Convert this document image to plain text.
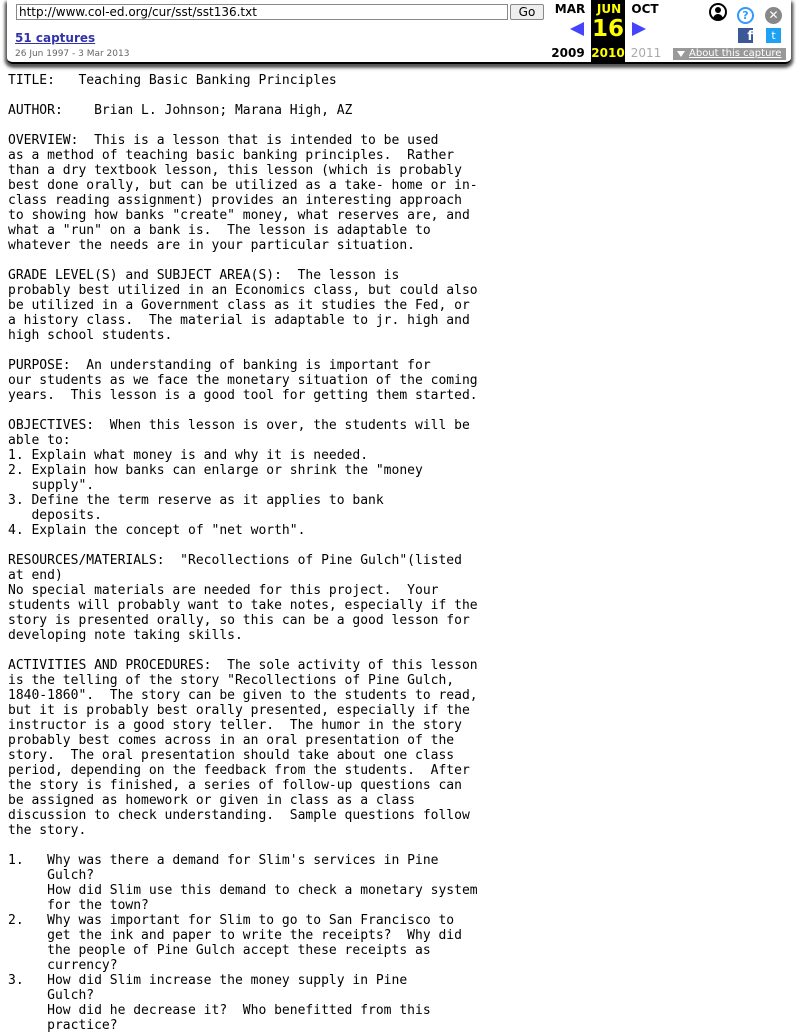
http://www.col-ed.org/cur/sst/sst136.txt
Go
51 captures
26 Jun 1997 - 3 Mar 2013
MAR JUN OCT
16
2009 2010 2011
?	✕
f	t
About this capture
TITLE:   Teaching Basic Banking Principles

AUTHOR:    Brian L. Johnson; Marana High, AZ

OVERVIEW:  This is a lesson that is intended to be used
as a method of teaching basic banking principles.  Rather
than a dry textbook lesson, this lesson (which is probably
best done orally, but can be utilized as a take- home or in-
class reading assignment) provides an interesting approach
to showing how banks "create" money, what reserves are, and
what a "run" on a bank is.  The lesson is adaptable to
whatever the needs are in your particular situation.

GRADE LEVEL(S) and SUBJECT AREA(S):  The lesson is
probably best utilized in an Economics class, but could also
be utilized in a Government class as it studies the Fed, or
a history class.  The material is adaptable to jr. high and
high school students.

PURPOSE:  An understanding of banking is important for
our students as we face the monetary situation of the coming
years.  This lesson is a good tool for getting them started.

OBJECTIVES:  When this lesson is over, the students will be
able to:
1. Explain what money is and why it is needed.
2. Explain how banks can enlarge or shrink the "money
supply".
3. Define the term reserve as it applies to bank
deposits.
4. Explain the concept of "net worth".

RESOURCES/MATERIALS:  "Recollections of Pine Gulch"(listed
at end)
No special materials are needed for this project.  Your
students will probably want to take notes, especially if the
story is presented orally, so this can be a good lesson for
developing note taking skills.

ACTIVITIES AND PROCEDURES:  The sole activity of this lesson
is the telling of the story "Recollections of Pine Gulch,
1840-1860".  The story can be given to the students to read,
but it is probably best orally presented, especially if the
instructor is a good story teller.  The humor in the story
probably best comes across in an oral presentation of the
story.  The oral presentation should take about one class
period, depending on the feedback from the students.  After
the story is finished, a series of follow-up questions can
be assigned as homework or given in class as a class
discussion to check understanding.  Sample questions follow
the story.

1.   Why was there a demand for Slim's services in Pine
Gulch?
How did Slim use this demand to check a monetary system
for the town?
2.   Why was important for Slim to go to San Francisco to
get the ink and paper to write the receipts?  Why did
the people of Pine Gulch accept these receipts as
currency?
3.   How did Slim increase the money supply in Pine
Gulch?
How did he decrease it?  Who benefitted from this
practice?
